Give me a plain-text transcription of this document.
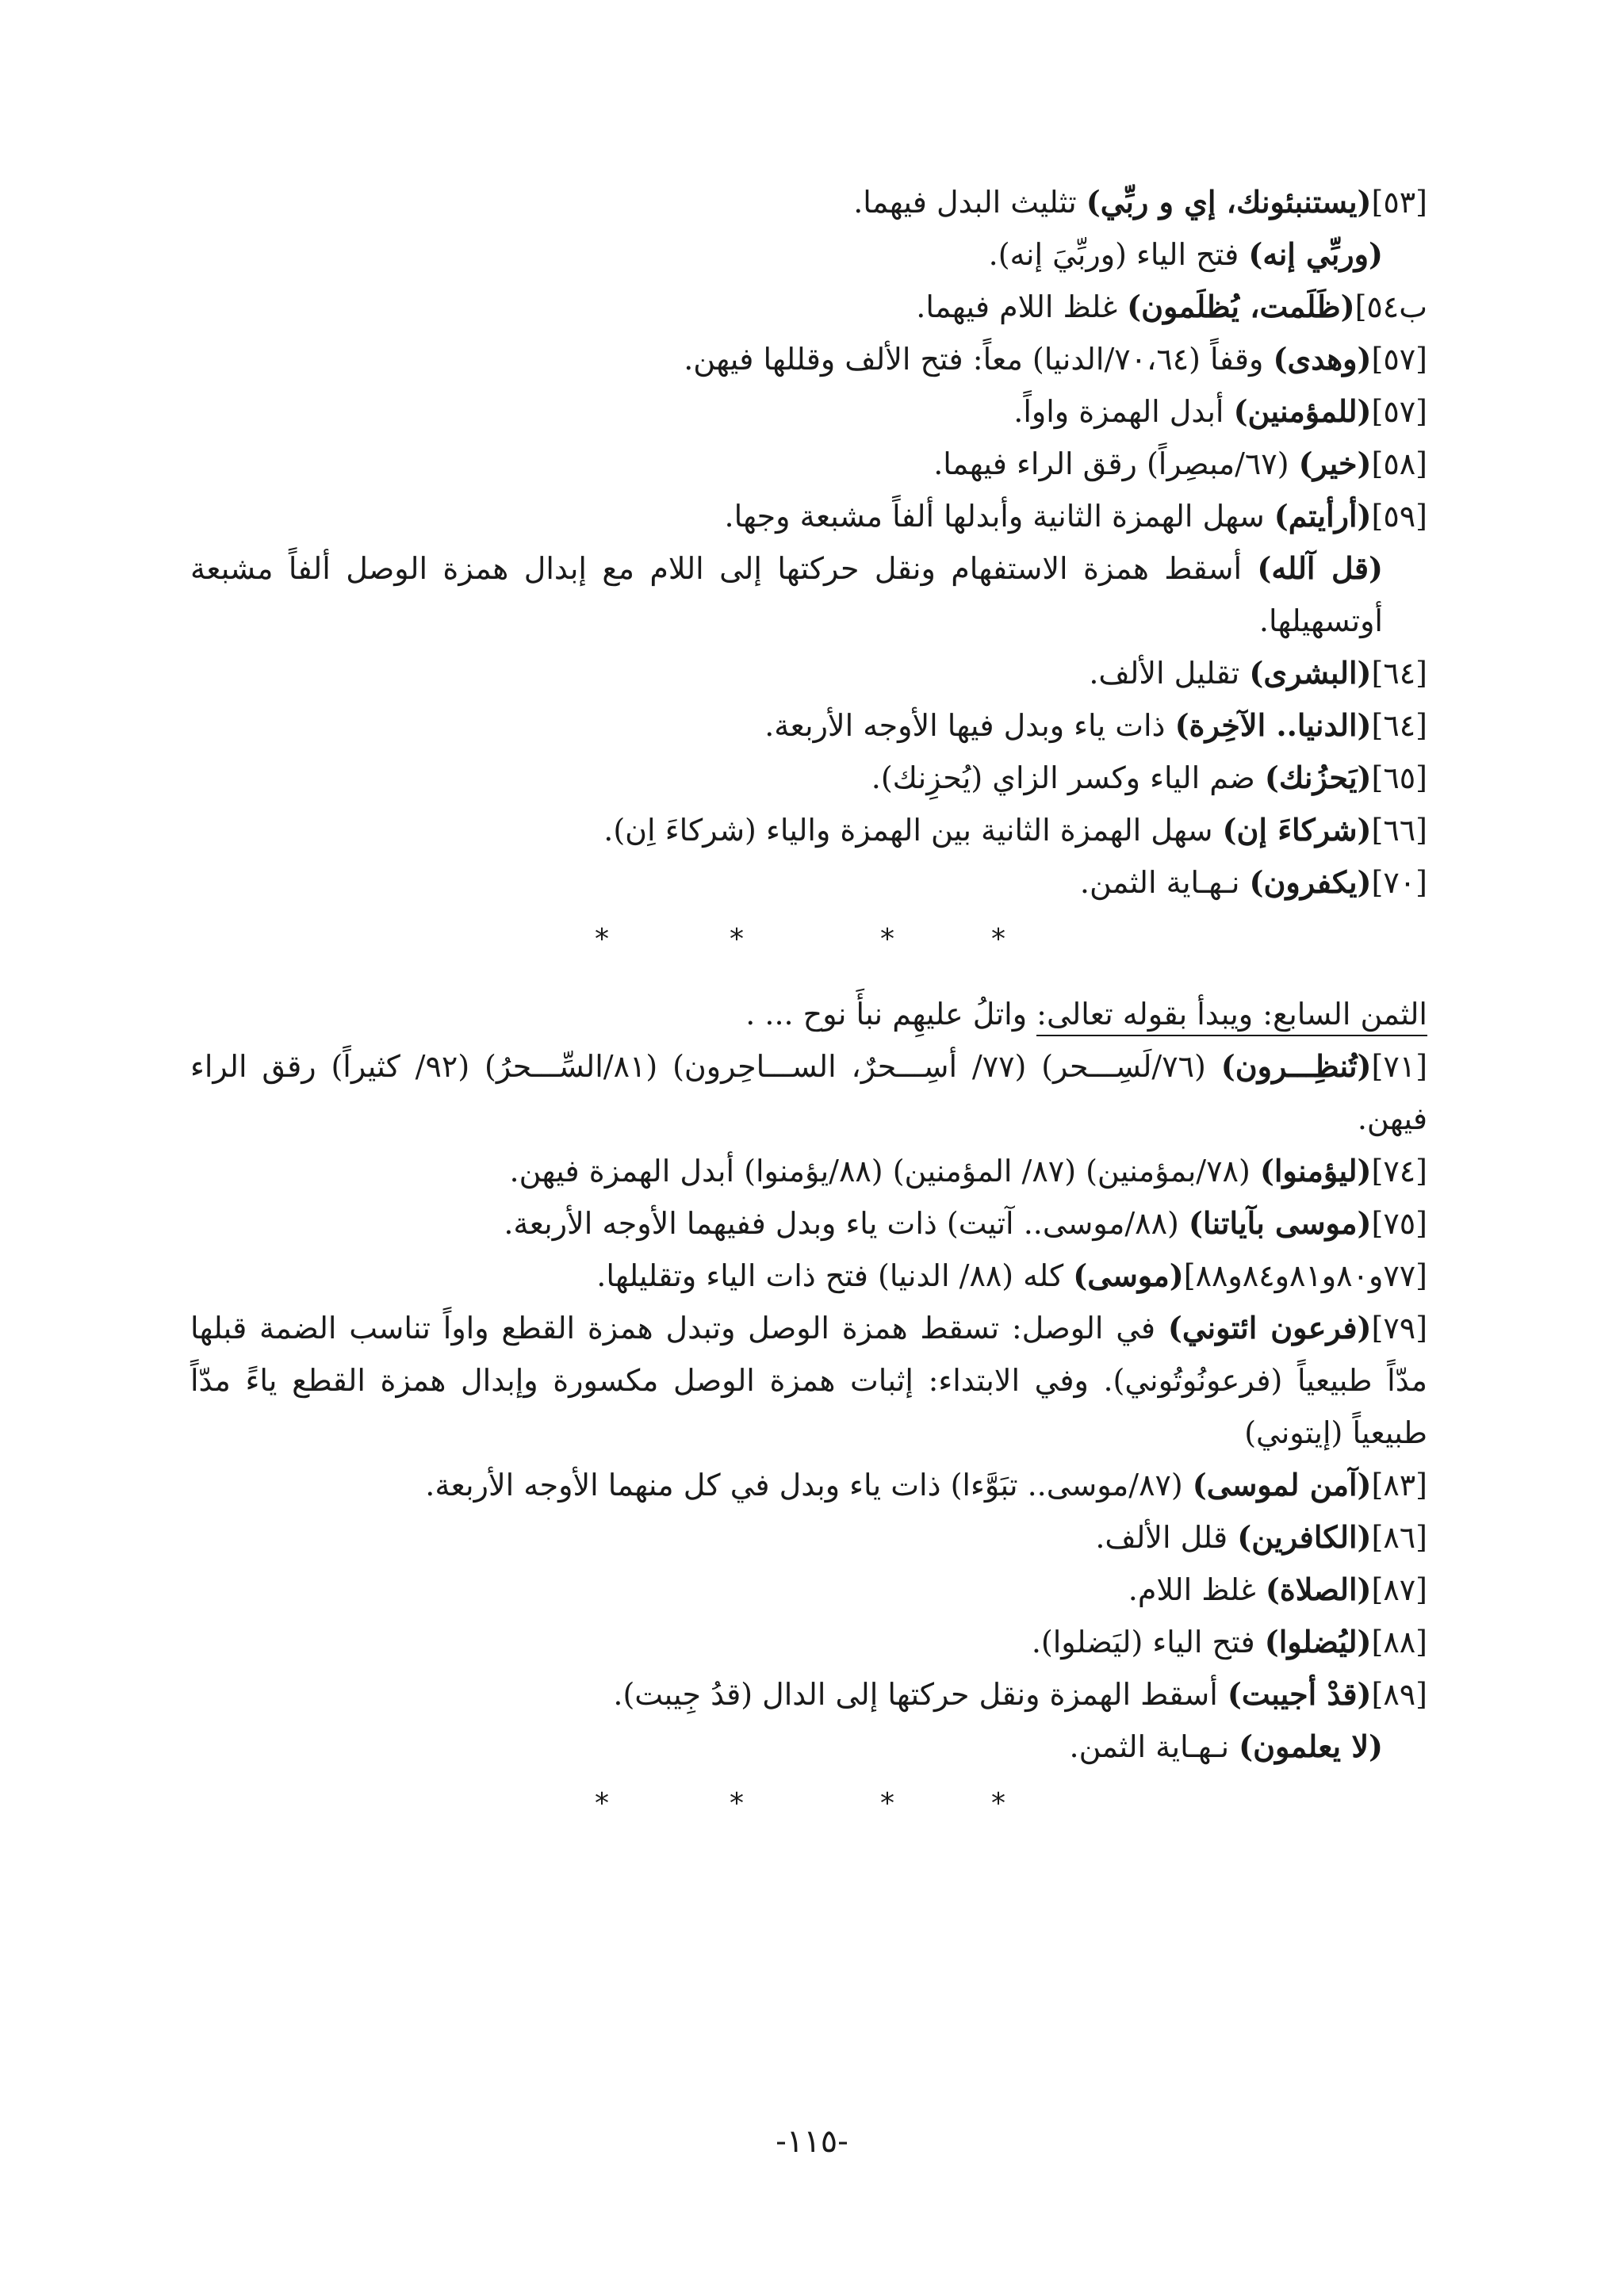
[٥٣](يستنبئونك، إي و ربِّي) تثليث البدل فيهما.
(وربِّي إنه) فتح الياء (وربِّيَ إنه).
ب٥٤](ظَلَمت، يُظلَمون) غلظ اللام فيهما.
[٥٧](وهدى) وقفاً (٧٠،٦٤/الدنيا) معاً: فتح الألف وقللها فيهن.
[٥٧](للمؤمنين) أبدل الهمزة واواً.
[٥٨](خير) (٦٧/مبصِراً) رقق الراء فيهما.
[٥٩](أرأيتم) سهل الهمزة الثانية وأبدلها ألفاً مشبعة وجها.
(قل آلله) أسقط همزة الاستفهام ونقل حركتها إلى اللام مع إبدال همزة الوصل ألفاً مشبعة أوتسهيلها.
[٦٤](البشرى) تقليل الألف.
[٦٤](الدنيا.. الآخِرة) ذات ياء وبدل فيها الأوجه الأربعة.
[٦٥](يَحزُنك) ضم الياء وكسر الزاي (يُحزِنك).
[٦٦](شركاءَ إن) سهل الهمزة الثانية بين الهمزة والياء (شركاءَ اِن).
[٧٠](يكفرون) نـهـاية الثمن.
*	*	*	*
الثمن السابع: ويبدأ بقوله تعالى: واتلُ عليهِم نبأَ نوح ... .
[٧١](تُنظِـــرون) (٧٦/لَسِـــحر) (٧٧/ أسِـــحرٌ، الســـاحِرون) (٨١/السِّـــحرُ) (٩٢/ كثيراً) رقق الراء فيهن.
[٧٤](ليؤمنوا) (٧٨/بمؤمنين) (٨٧/ المؤمنين) (٨٨/يؤمنوا) أبدل الهمزة فيهن.
[٧٥](موسى بآياتنا) (٨٨/موسى.. آتيت) ذات ياء وبدل ففيهما الأوجه الأربعة.
[٧٧و٨٠و٨١و٨٤و٨٨](موسى) كله (٨٨/ الدنيا) فتح ذات الياء وتقليلها.
[٧٩](فرعون ائتوني) في الوصل: تسقط همزة الوصل وتبدل همزة القطع واواً تناسب الضمة قبلها مدّاً طبيعياً (فرعونُوتُوني). وفي الابتداء: إثبات همزة الوصل مكسورة وإبدال همزة القطع ياءً مدّاً طبيعياً (إيتوني)
[٨٣](آمن لموسى) (٨٧/موسى.. تبَوَّءا) ذات ياء وبدل في كل منهما الأوجه الأربعة.
[٨٦](الكافرين) قلل الألف.
[٨٧](الصلاة) غلظ اللام.
[٨٨](ليُضلوا) فتح الياء (ليَضلوا).
[٨٩](قدْ أجيبت) أسقط الهمزة ونقل حركتها إلى الدال (قدُ جِيبت).
(لا يعلمون) نـهـاية الثمن.
*	*	*	*
-١١٥-
